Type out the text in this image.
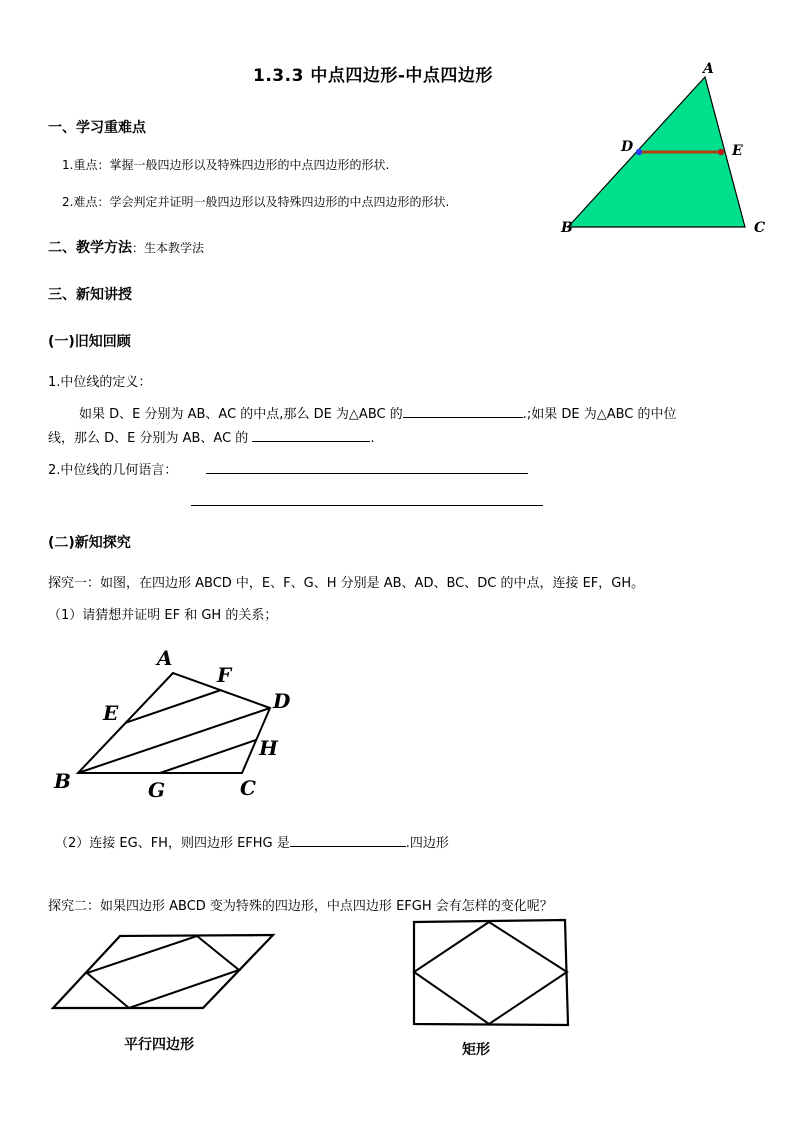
1.3.3 中点四边形-中点四边形	A
D	E
B	C
一、学习重难点
1.重点：掌握一般四边形以及特殊四边形的中点四边形的形状.
2.难点：学会判定并证明一般四边形以及特殊四边形的中点四边形的形状.
二、教学方法：生本教学法
三、新知讲授
(一)旧知回顾
1.中位线的定义：
如果 D、E 分别为 AB、AC 的中点,那么 DE 为△ABC 的	.;如果 DE 为△ABC 的中位
线，那么 D、E 分别为 AB、AC 的	.
2.中位线的几何语言：
(二)新知探究
探究一：如图，在四边形 ABCD 中，E、F、G、H 分别是 AB、AD、BC、DC 的中点，连接 EF，GH。
（1）请猜想并证明 EF 和 GH 的关系；
A
F
D
E
H
B	G	C
（2）连接 EG、FH，则四边形 EFHG 是	.四边形
探究二：如果四边形 ABCD 变为特殊的四边形，中点四边形 EFGH 会有怎样的变化呢？
平行四边形	矩形
